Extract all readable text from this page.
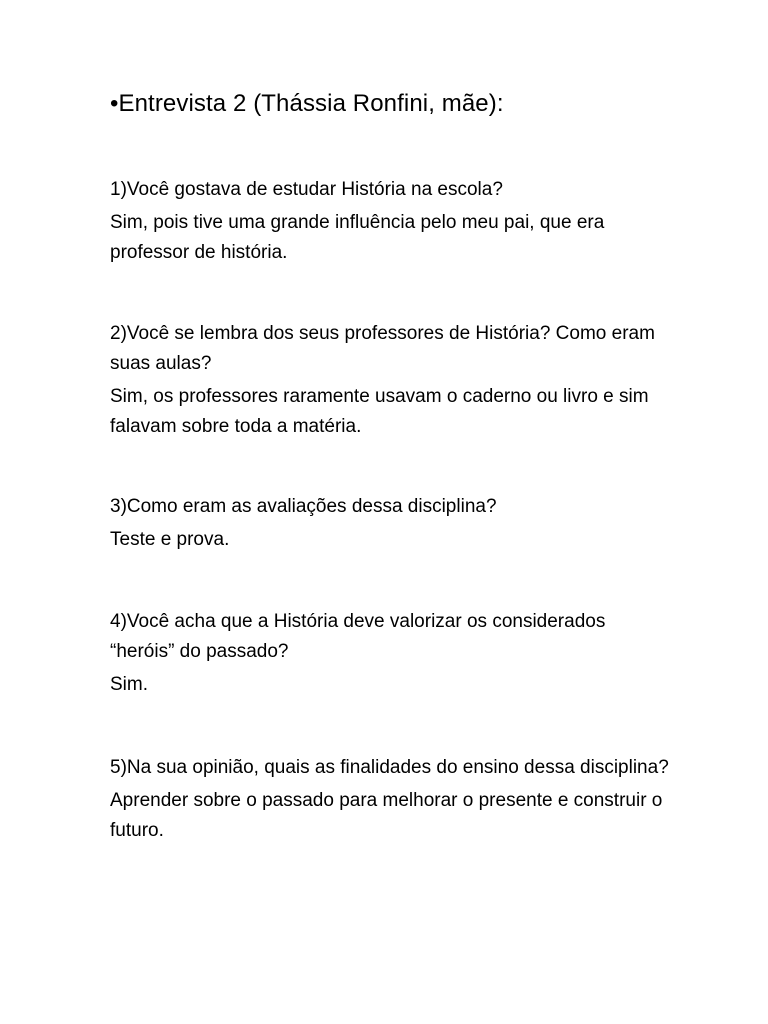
•Entrevista 2 (Thássia Ronfini, mãe):

1)Você gostava de estudar História na escola?

Sim, pois tive uma grande influência pelo meu pai, que era professor de história.

2)Você se lembra dos seus professores de História? Como eram suas aulas?

Sim, os professores raramente usavam o caderno ou livro e sim falavam sobre toda a matéria.

3)Como eram as avaliações dessa disciplina?

Teste e prova.

4)Você acha que a História deve valorizar os considerados “heróis” do passado?

Sim.

5)Na sua opinião, quais as finalidades do ensino dessa disciplina?

Aprender sobre o passado para melhorar o presente e construir o futuro.
